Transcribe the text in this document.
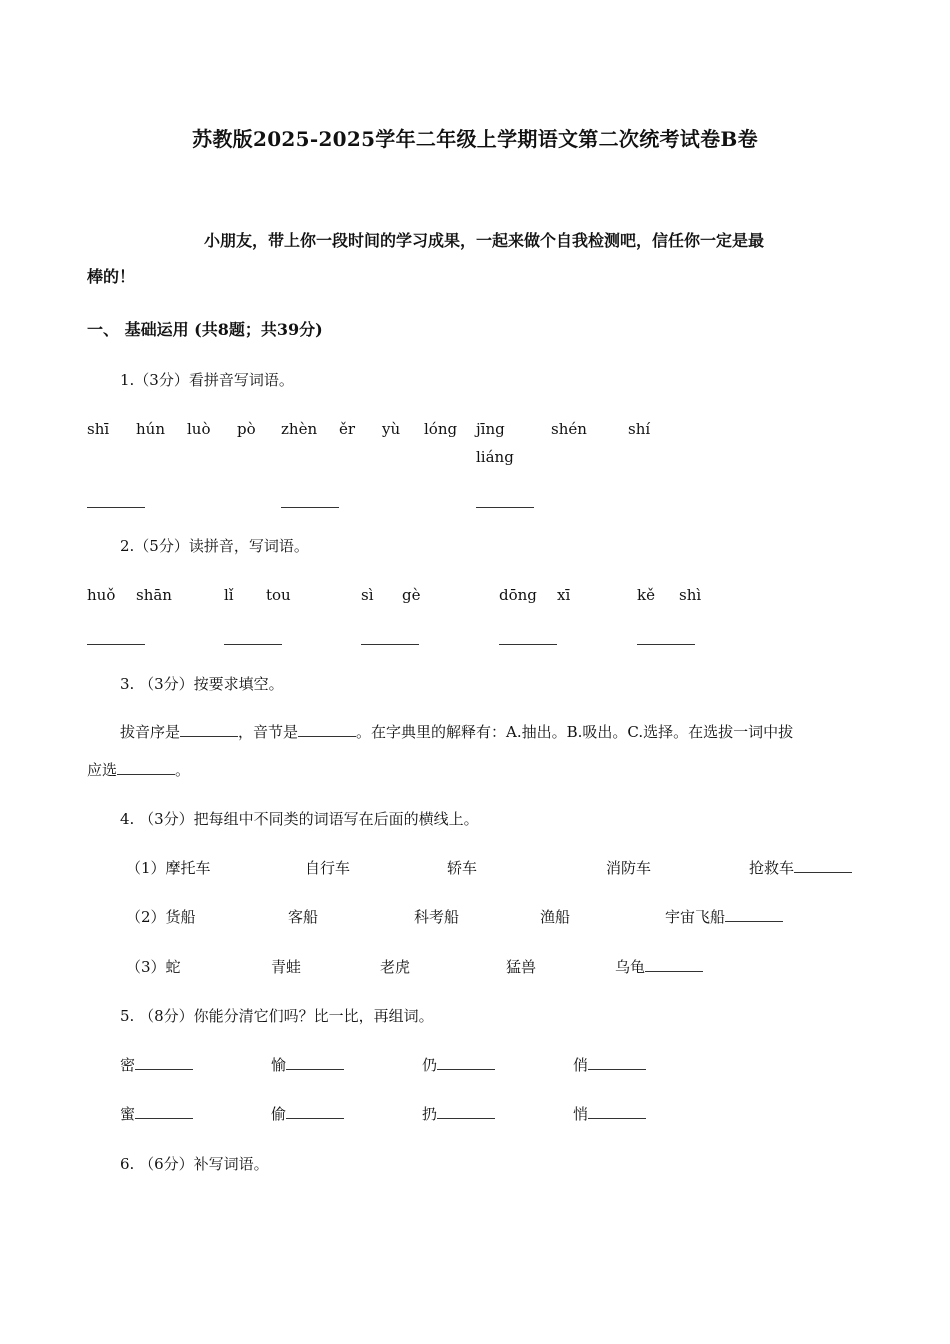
苏教版2025-2025学年二年级上学期语文第二次统考试卷B卷
小朋友，带上你一段时间的学习成果，一起来做个自我检测吧，信任你一定是最
棒的！
一、 基础运用 (共8题；共39分)
1.（3分）看拼音写词语。
shī hún luò pò zhèn ěr yù lóng jīng	shén	shí
liáng
2.（5分）读拼音，写词语。
huǒ shān	lǐ tou	sì gè	dōng xī	kě shì
3. （3分）按要求填空。
拔音序是	，音节是	。在字典里的解释有：A.抽出。B.吸出。C.选择。在选拔一词中拔
应选	。
4. （3分）把每组中不同类的词语写在后面的横线上。
（1）摩托车	自行车	轿车	消防车	抢救车
（2）货船	客船	科考船	渔船	宇宙飞船
（3）蛇	青蛙	老虎	猛兽	乌龟
5. （8分）你能分清它们吗？比一比，再组词。
密	愉	仍	俏
蜜	偷	扔	悄
6. （6分）补写词语。
